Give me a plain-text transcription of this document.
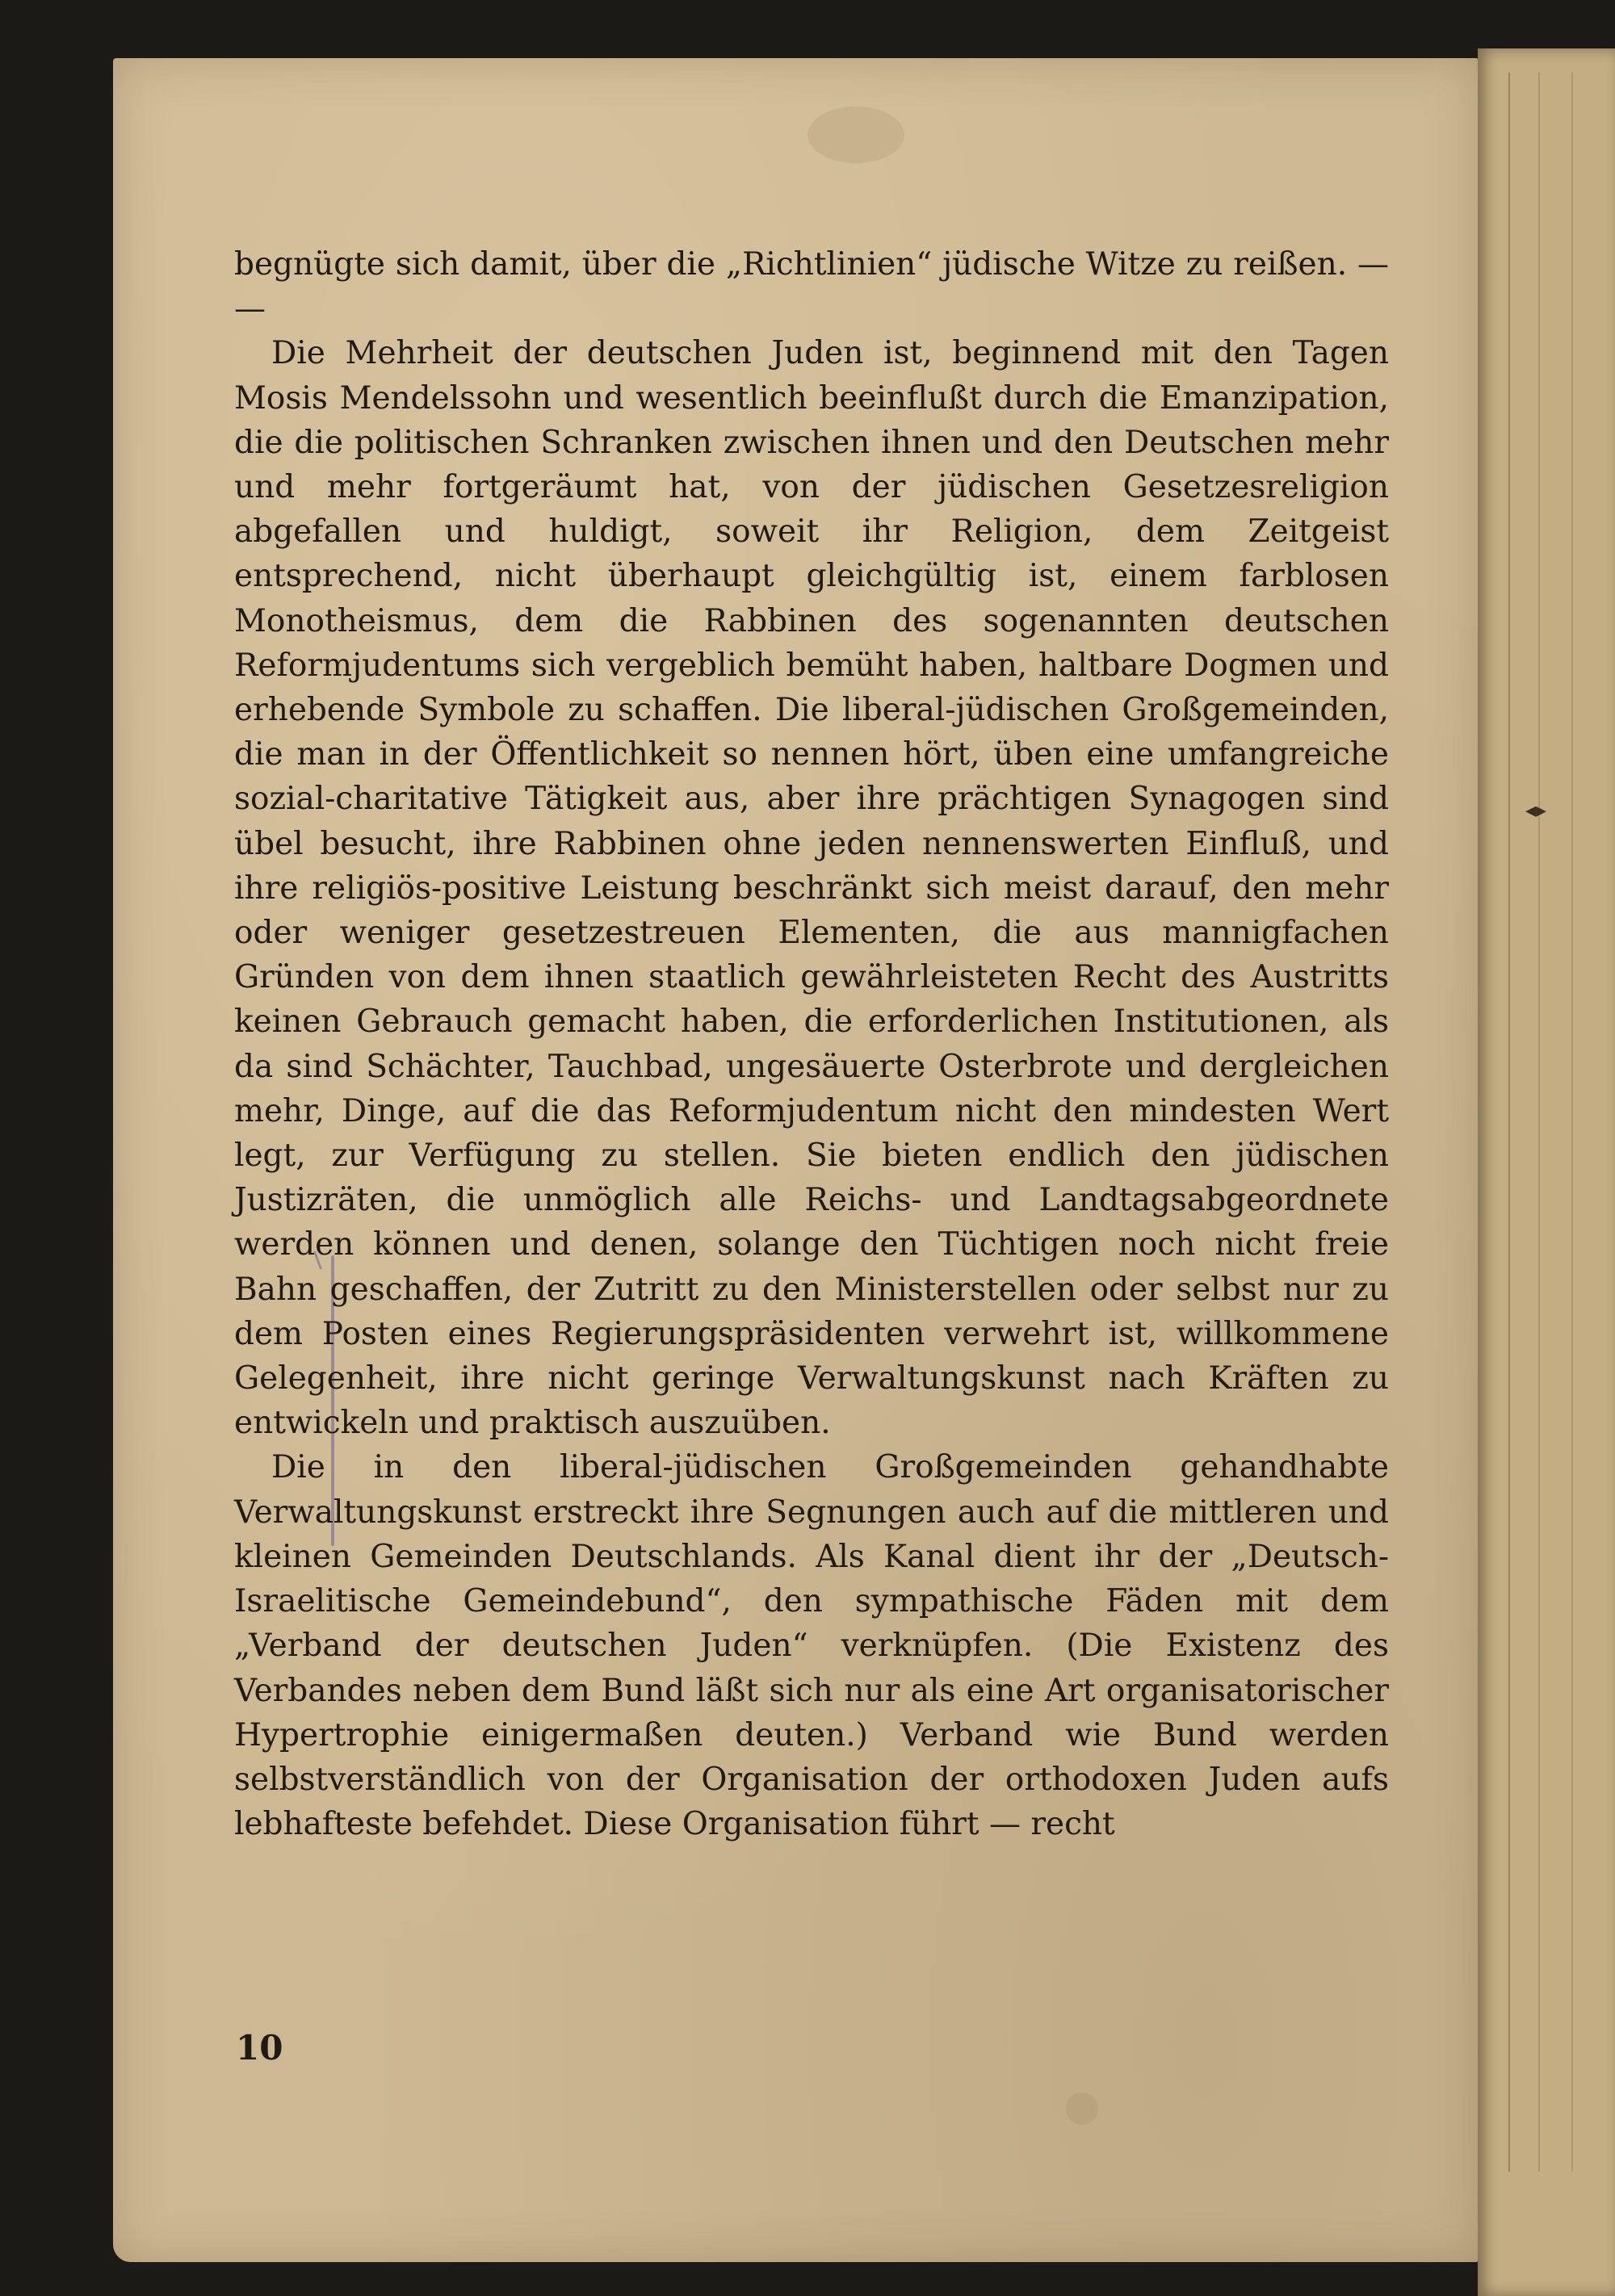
◂▸

begnügte sich damit, über die „Richtlinien“ jüdische Witze zu reißen. — —

Die Mehrheit der deutschen Juden ist, beginnend mit den Tagen Mosis Mendelssohn und wesentlich beeinflußt durch die Emanzipation, die die politischen Schranken zwischen ihnen und den Deutschen mehr und mehr fortgeräumt hat, von der jüdischen Gesetzesreligion abgefallen und huldigt, soweit ihr Religion, dem Zeitgeist entsprechend, nicht überhaupt gleichgültig ist, einem farblosen Monotheismus, dem die Rabbinen des sogenannten deutschen Reformjudentums sich vergeblich bemüht haben, haltbare Dogmen und erhebende Symbole zu schaffen. Die liberal-jüdischen Großgemeinden, die man in der Öffentlichkeit so nennen hört, üben eine umfangreiche sozial-charitative Tätigkeit aus, aber ihre prächtigen Synagogen sind übel besucht, ihre Rabbinen ohne jeden nennenswerten Einfluß, und ihre religiös-positive Leistung beschränkt sich meist darauf, den mehr oder weniger gesetzestreuen Elementen, die aus mannigfachen Gründen von dem ihnen staatlich gewährleisteten Recht des Austritts keinen Gebrauch gemacht haben, die erforderlichen Institutionen, als da sind Schächter, Tauchbad, ungesäuerte Osterbrote und dergleichen mehr, Dinge, auf die das Reformjudentum nicht den mindesten Wert legt, zur Verfügung zu stellen. Sie bieten endlich den jüdischen Justizräten, die unmöglich alle Reichs- und Landtagsabgeordnete werden können und denen, solange den Tüchtigen noch nicht freie Bahn geschaffen, der Zutritt zu den Ministerstellen oder selbst nur zu dem Posten eines Regierungspräsidenten verwehrt ist, willkommene Gelegenheit, ihre nicht geringe Verwaltungskunst nach Kräften zu entwickeln und praktisch auszuüben.

Die in den liberal-jüdischen Großgemeinden gehandhabte Verwaltungskunst erstreckt ihre Segnungen auch auf die mittleren und kleinen Gemeinden Deutschlands. Als Kanal dient ihr der „Deutsch-Israelitische Gemeindebund“, den sympathische Fäden mit dem „Verband der deutschen Juden“ verknüpfen. (Die Existenz des Verbandes neben dem Bund läßt sich nur als eine Art organisatorischer Hypertrophie einigermaßen deuten.) Verband wie Bund werden selbstverständlich von der Organisation der orthodoxen Juden aufs lebhafteste befehdet. Diese Organisation führt — recht

10
